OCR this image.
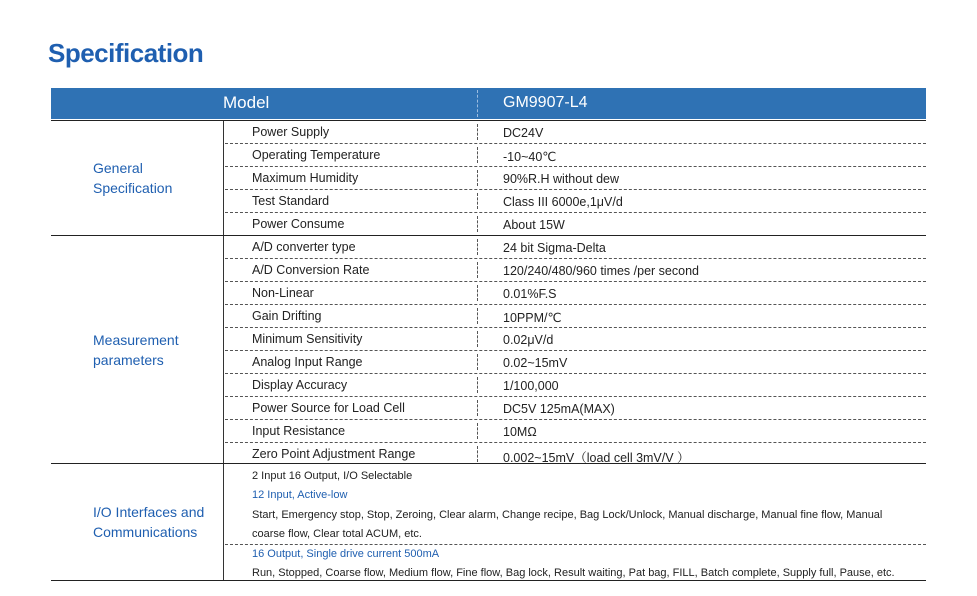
Specification
Model	GM9907-L4
General
Specification
Power Supply	DC24V
Operating Temperature	-10~40℃
Maximum Humidity	90%R.H without dew
Test Standard	Class III 6000e,1μV/d
Power Consume	About 15W
Measurement
parameters
A/D converter type	24 bit Sigma-Delta
A/D Conversion Rate	120/240/480/960 times /per second
Non-Linear	0.01%F.S
Gain Drifting	10PPM/℃
Minimum Sensitivity	0.02μV/d
Analog Input Range	0.02~15mV
Display Accuracy	1/100,000
Power Source for Load Cell	DC5V 125mA(MAX)
Input Resistance	10MΩ
Zero Point Adjustment Range	0.002~15mV（load cell 3mV/V ）
I/O Interfaces and
Communications
2 Input 16 Output, I/O Selectable
12 Input, Active-low
Start, Emergency stop, Stop, Zeroing, Clear alarm, Change recipe, Bag Lock/Unlock, Manual discharge, Manual fine flow, Manual coarse flow, Clear total ACUM, etc.
16 Output, Single drive current 500mA
Run, Stopped, Coarse flow, Medium flow, Fine flow, Bag lock, Result waiting, Pat bag, FILL, Batch complete, Supply full, Pause, etc.
